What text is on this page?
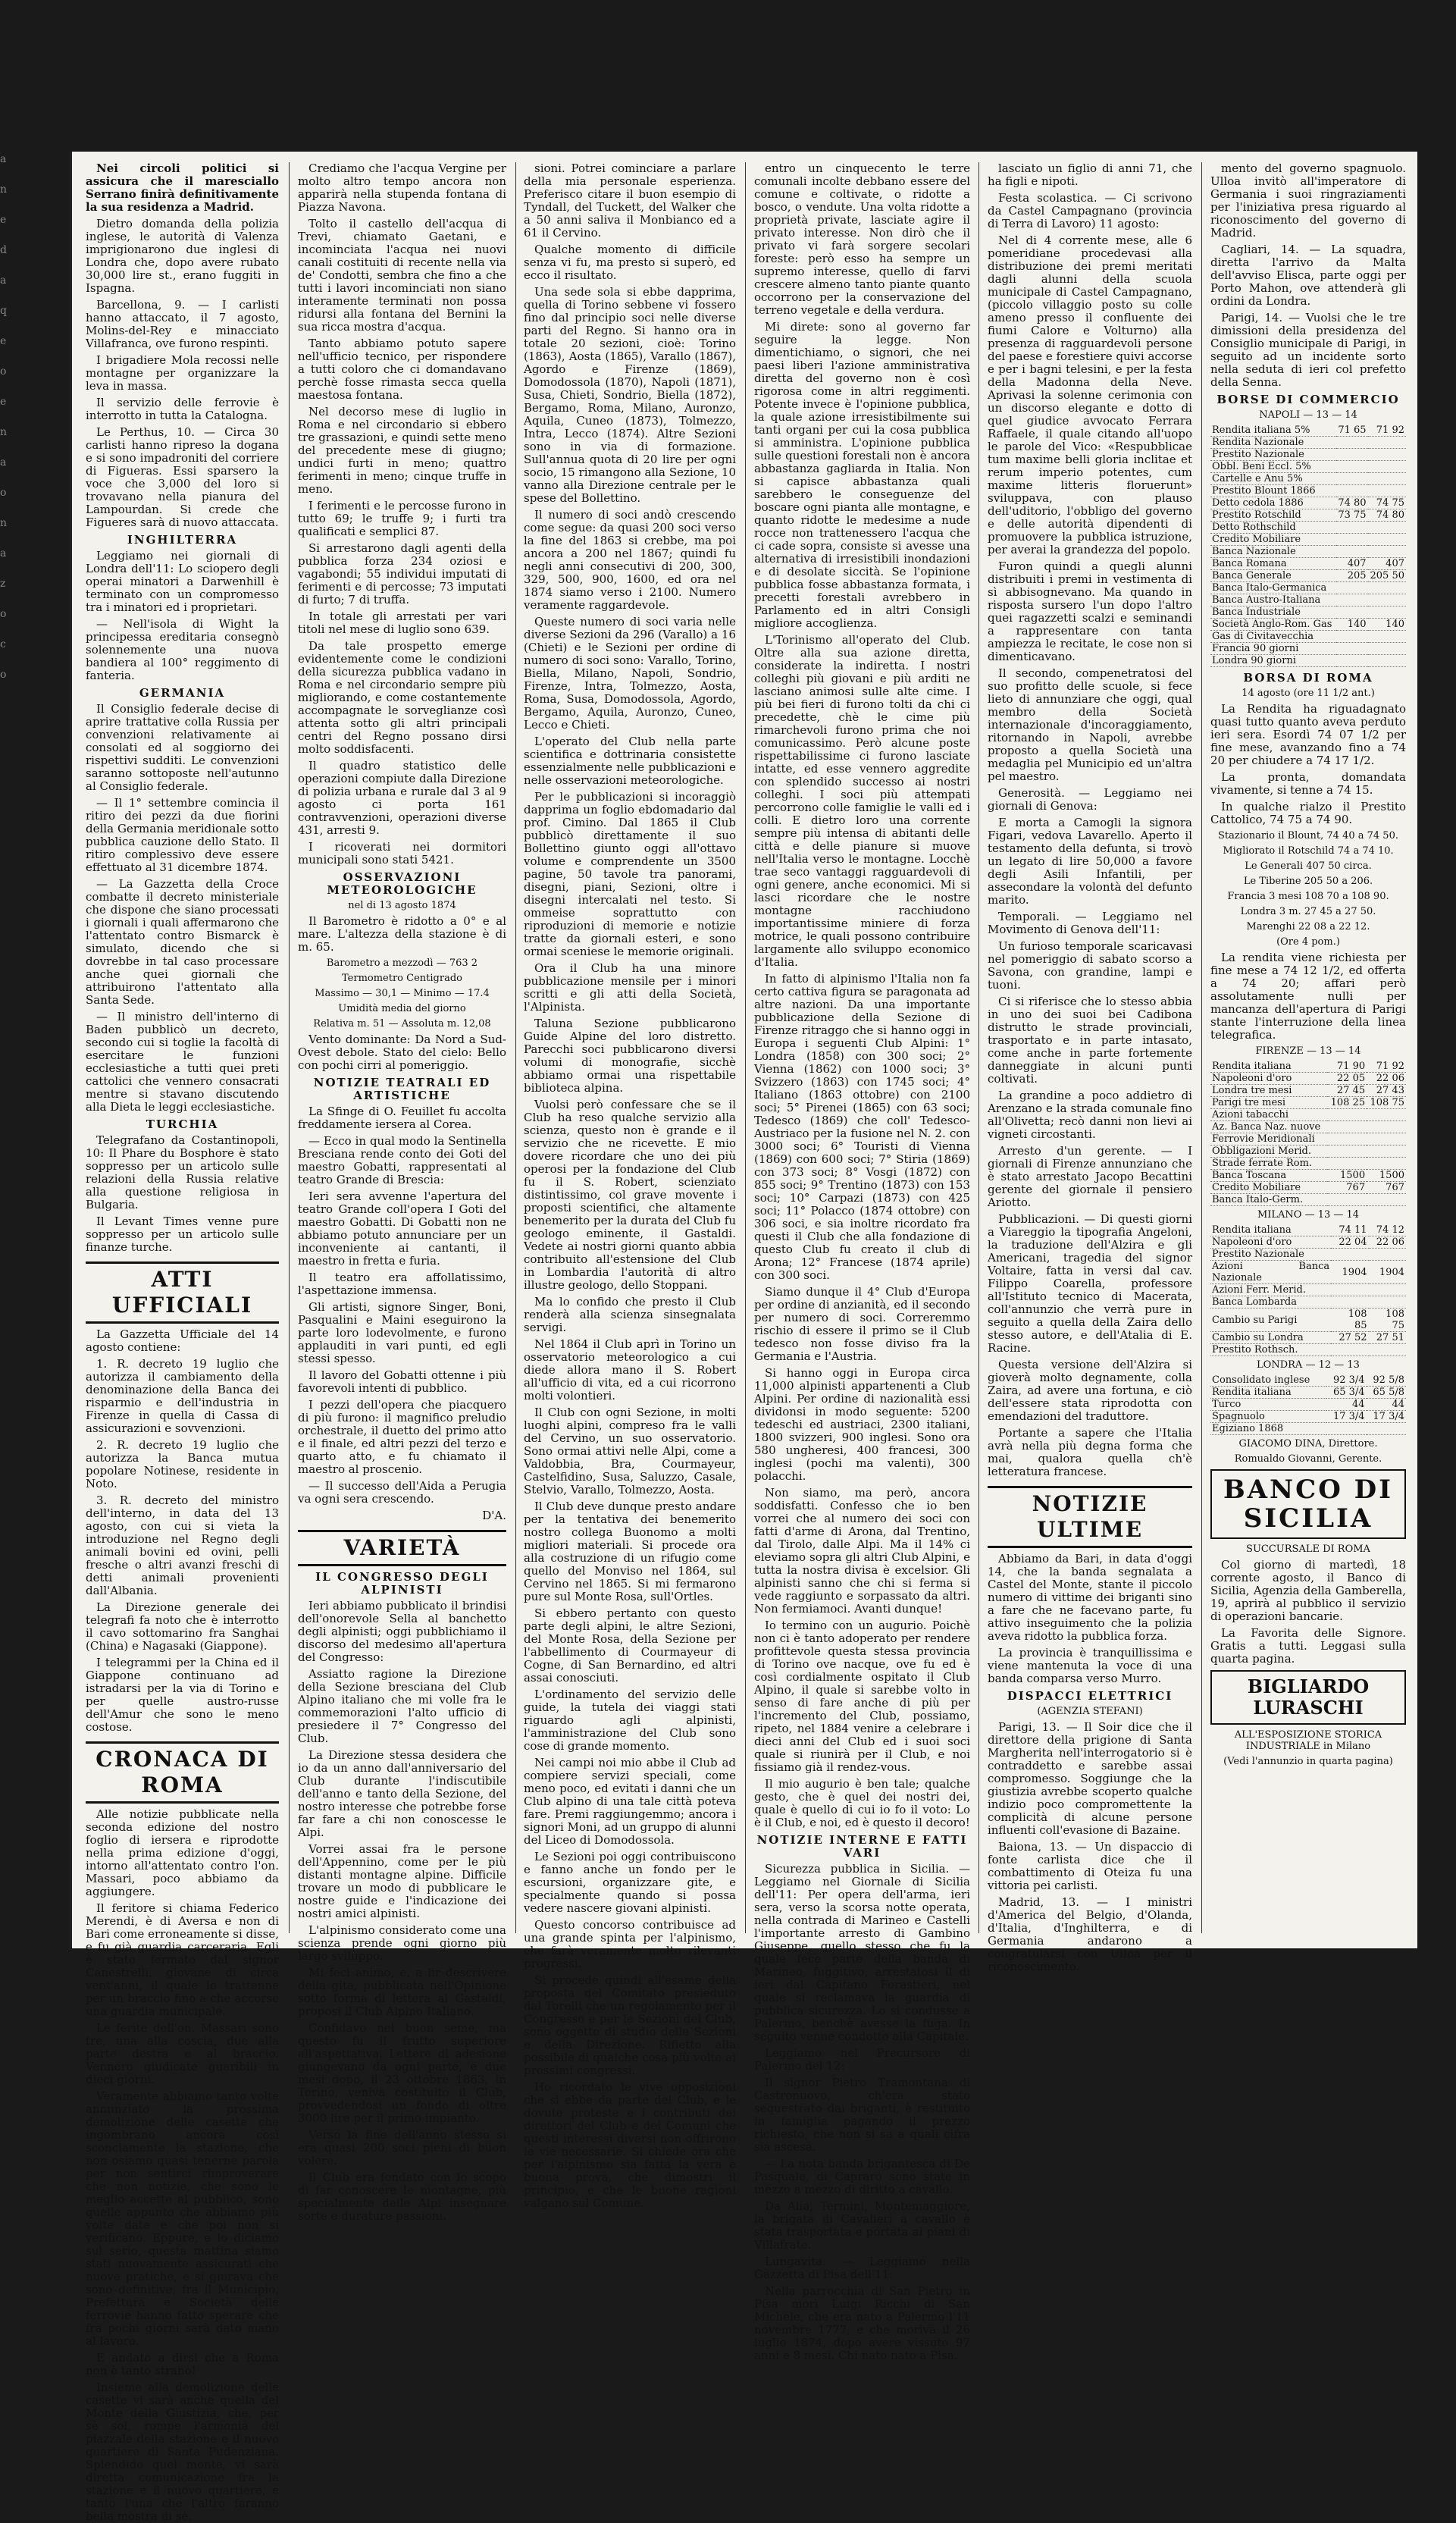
Nei circoli politici si assicura che il maresciallo Serrano finirà definitivamente la sua residenza a Madrid.

Dietro domanda della polizia inglese, le autorità di Valenza imprigionarono due inglesi di Londra che, dopo avere rubato 30,000 lire st., erano fuggiti in Ispagna.

Barcellona, 9. — I carlisti hanno attaccato, il 7 agosto, Molins-del-Rey e minacciato Villafranca, ove furono respinti.

I brigadiere Mola recossi nelle montagne per organizzare la leva in massa.

Il servizio delle ferrovie è interrotto in tutta la Catalogna.

Le Perthus, 10. — Circa 30 carlisti hanno ripreso la dogana e si sono impadroniti del corriere di Figueras. Essi sparsero la voce che 3,000 del loro si trovavano nella pianura del Lampourdan. Si crede che Figueres sarà di nuovo attaccata.

INGHILTERRA

Leggiamo nei giornali di Londra dell'11: Lo sciopero degli operai minatori a Darwenhill è terminato con un compromesso tra i minatori ed i proprietari.

— Nell'isola di Wight la principessa ereditaria consegnò solennemente una nuova bandiera al 100° reggimento di fanteria.

GERMANIA

Il Consiglio federale decise di aprire trattative colla Russia per convenzioni relativamente ai consolati ed al soggiorno dei rispettivi sudditi. Le convenzioni saranno sottoposte nell'autunno al Consiglio federale.

— Il 1° settembre comincia il ritiro dei pezzi da due fiorini della Germania meridionale sotto pubblica cauzione dello Stato. Il ritiro complessivo deve essere effettuato al 31 dicembre 1874.

— La Gazzetta della Croce combatte il decreto ministeriale che dispone che siano processati i giornali i quali affermarono che l'attentato contro Bismarck è simulato, dicendo che si dovrebbe in tal caso processare anche quei giornali che attribuirono l'attentato alla Santa Sede.

— Il ministro dell'interno di Baden pubblicò un decreto, secondo cui si toglie la facoltà di esercitare le funzioni ecclesiastiche a tutti quei preti cattolici che vennero consacrati mentre si stavano discutendo alla Dieta le leggi ecclesiastiche.

TURCHIA

Telegrafano da Costantinopoli, 10: Il Phare du Bosphore è stato soppresso per un articolo sulle relazioni della Russia relative alla questione religiosa in Bulgaria.

Il Levant Times venne pure soppresso per un articolo sulle finanze turche.

ATTI UFFICIALI

La Gazzetta Ufficiale del 14 agosto contiene:

1. R. decreto 19 luglio che autorizza il cambiamento della denominazione della Banca dei risparmio e dell'industria in Firenze in quella di Cassa di assicurazioni e sovvenzioni.

2. R. decreto 19 luglio che autorizza la Banca mutua popolare Notinese, residente in Noto.

3. R. decreto del ministro dell'interno, in data del 13 agosto, con cui si vieta la introduzione nel Regno degli animali bovini ed ovini, pelli fresche o altri avanzi freschi di detti animali provenienti dall'Albania.

La Direzione generale dei telegrafi fa noto che è interrotto il cavo sottomarino fra Sanghai (China) e Nagasaki (Giappone).

I telegrammi per la China ed il Giappone continuano ad istradarsi per la via di Torino e per quelle austro-russe dell'Amur che sono le meno costose.

CRONACA DI ROMA

Alle notizie pubblicate nella seconda edizione del nostro foglio di iersera e riprodotte nella prima edizione d'oggi, intorno all'attentato contro l'on. Massari, poco abbiamo da aggiungere.

Il feritore si chiama Federico Merendi, è di Aversa e non di Bari come erroneamente si disse, e fu già guardia carceraria. Egli è stato fermato dal signor Canestrelli, giovane di circa vent'anni, il quale lo trattenne per un braccio fino a che accorse una guardia municipale.

Le ferite dell'on. Massari sono tre, una alla coscia, due alla parte destra e al braccio. Vennero giudicate guaribili in dieci giorni.

Veramente abbiamo tanto volte annunziato la prossima demolizione delle casette che ingombrano ancora così sconciamente la stazione, che non osiamo quasi tenerne parola per non sentirci rimproverare che non notizie, che sono le meglio accette al pubblico, sono quelle appunto che abbiamo più volte date e che poi non si verificano. Eppure, e lo diciamo sul serio, questa mattina siamo stati nuovamente assicurati che nuove pratiche, e si giurava che sono definitive, fra il Municipio, Prefettura e Società delle ferrovie hanno fatto sperare che fra pochi giorni sarà dato mano al lavoro.

E andato a dirsi che a Roma non è tanto strano!

Insieme alla demolizione delle casette vi sarà anche quella del Monte della Giustizia, che, per sè sol, rompe l'armonia del piazzale della stazione e il nuovo quartiere di Santa Pudenziana. Splendido quel monte, vi sarà diretta comunicazione fra la stazione e il nuovo quartiere, e tanto l'una che l'altro faranno bella mostra di sè.

Crediamo che l'acqua Vergine per molto altro tempo ancora non apparirà nella stupenda fontana di Piazza Navona.

Tolto il castello dell'acqua di Trevi, chiamato Gaetani, e incominciata l'acqua nei nuovi canali costituiti di recente nella via de' Condotti, sembra che fino a che tutti i lavori incominciati non siano interamente terminati non possa ridursi alla fontana del Bernini la sua ricca mostra d'acqua.

Tanto abbiamo potuto sapere nell'ufficio tecnico, per rispondere a tutti coloro che ci domandavano perchè fosse rimasta secca quella maestosa fontana.

Nel decorso mese di luglio in Roma e nel circondario si ebbero tre grassazioni, e quindi sette meno del precedente mese di giugno; undici furti in meno; quattro ferimenti in meno; cinque truffe in meno.

I ferimenti e le percosse furono in tutto 69; le truffe 9; i furti tra qualificati e semplici 87.

Si arrestarono dagli agenti della pubblica forza 234 oziosi e vagabondi; 55 individui imputati di ferimenti e di percosse; 73 imputati di furto; 7 di truffa.

In totale gli arrestati per vari titoli nel mese di luglio sono 639.

Da tale prospetto emerge evidentemente come le condizioni della sicurezza pubblica vadano in Roma e nel circondario sempre più migliorando, e come costantemente accompagnate le sorveglianze così attenta sotto gli altri principali centri del Regno possano dirsi molto soddisfacenti.

Il quadro statistico delle operazioni compiute dalla Direzione di polizia urbana e rurale dal 3 al 9 agosto ci porta 161 contravvenzioni, operazioni diverse 431, arresti 9.

I ricoverati nei dormitori municipali sono stati 5421.

OSSERVAZIONI METEOROLOGICHE

nel di 13 agosto 1874

Il Barometro è ridotto a 0° e al mare. L'altezza della stazione è di m. 65.

Barometro a mezzodì — 763 2

Termometro Centigrado

Massimo — 30,1 — Minimo — 17.4

Umidità media del giorno

Relativa m. 51 — Assoluta m. 12,08

Vento dominante: Da Nord a Sud-Ovest debole. Stato del cielo: Bello con pochi cirri al pomeriggio.

NOTIZIE TEATRALI ED ARTISTICHE

La Sfinge di O. Feuillet fu accolta freddamente iersera al Corea.

— Ecco in qual modo la Sentinella Bresciana rende conto dei Goti del maestro Gobatti, rappresentati al teatro Grande di Brescia:

Ieri sera avvenne l'apertura del teatro Grande coll'opera I Goti del maestro Gobatti. Di Gobatti non ne abbiamo potuto annunciare per un inconveniente ai cantanti, il maestro in fretta e furia.

Il teatro era affollatissimo, l'aspettazione immensa.

Gli artisti, signore Singer, Boni, Pasqualini e Maini eseguirono la parte loro lodevolmente, e furono applauditi in vari punti, ed egli stessi spesso.

Il lavoro del Gobatti ottenne i più favorevoli intenti di pubblico.

I pezzi dell'opera che piacquero di più furono: il magnifico preludio orchestrale, il duetto del primo atto e il finale, ed altri pezzi del terzo e quarto atto, e fu chiamato il maestro al proscenio.

— Il successo dell'Aida a Perugia va ogni sera crescendo.

D'A.
VARIETÀ
IL CONGRESSO DEGLI ALPINISTI

Ieri abbiamo pubblicato il brindisi dell'onorevole Sella al banchetto degli alpinisti; oggi pubblichiamo il discorso del medesimo all'apertura del Congresso:

Assiatto ragione la Direzione della Sezione bresciana del Club Alpino italiano che mi volle fra le commemorazioni l'alto ufficio di presiedere il 7° Congresso del Club.

La Direzione stessa desidera che io da un anno dall'anniversario del Club durante l'indiscutibile dell'anno e tanto della Sezione, del nostro interesse che potrebbe forse far fare a chi non conoscesse le Alpi.

Vorrei assai fra le persone dell'Appennino, come per le più distanti montagne alpine. Difficile trovare un modo di pubblicare le nostre guide e l'indicazione dei nostri amici alpinisti.

L'alpinismo considerato come una scienza prende ogni giorno più largo sviluppo.

Mi feci animo, e, a lir descrivere della gita, pubblicata nell'Opinione sotto forma di lettera al Gastaldi, proposi il Club Alpino Italiano.

Confidavo nel buon seme, ma questo fu il frutto superiore all'aspettativa. Lettere di adesione giungevano da ogni parte, e due mesi dopo, il 23 ottobre 1863, in Torino, veniva costituito il Club, provvedendosi un fondo di oltre 3000 lire per il primo impianto.

Verso la fine dell'anno stesso si era quasi 200 soci pieni di buon volere.

Il Club era fondato con lo scopo di far conoscere le montagne, più specialmente delle Alpi insegnare sorte e durature passioni.

sioni. Potrei cominciare a parlare della mia personale esperienza. Preferisco citare il buon esempio di Tyndall, del Tuckett, del Walker che a 50 anni saliva il Monbianco ed a 61 il Cervino.

Qualche momento di difficile senza vi fu, ma presto si superò, ed ecco il risultato.

Una sede sola si ebbe dapprima, quella di Torino sebbene vi fossero fino dal principio soci nelle diverse parti del Regno. Si hanno ora in totale 20 sezioni, cioè: Torino (1863), Aosta (1865), Varallo (1867), Agordo e Firenze (1869), Domodossola (1870), Napoli (1871), Susa, Chieti, Sondrio, Biella (1872), Bergamo, Roma, Milano, Auronzo, Aquila, Cuneo (1873), Tolmezzo, Intra, Lecco (1874). Altre Sezioni sono in via di formazione. Sull'annua quota di 20 lire per ogni socio, 15 rimangono alla Sezione, 10 vanno alla Direzione centrale per le spese del Bollettino.

Il numero di soci andò crescendo come segue: da quasi 200 soci verso la fine del 1863 si crebbe, ma poi ancora a 200 nel 1867; quindi fu negli anni consecutivi di 200, 300, 329, 500, 900, 1600, ed ora nel 1874 siamo verso i 2100. Numero veramente raggardevole.

Queste numero di soci varia nelle diverse Sezioni da 296 (Varallo) a 16 (Chieti) e le Sezioni per ordine di numero di soci sono: Varallo, Torino, Biella, Milano, Napoli, Sondrio, Firenze, Intra, Tolmezzo, Aosta, Roma, Susa, Domodossola, Agordo, Bergamo, Aquila, Auronzo, Cuneo, Lecco e Chieti.

L'operato del Club nella parte scientifica e dottrinaria consistette essenzialmente nelle pubblicazioni e nelle osservazioni meteorologiche.

Per le pubblicazioni si incoraggiò dapprima un foglio ebdomadario dal prof. Cimino. Dal 1865 il Club pubblicò direttamente il suo Bollettino giunto oggi all'ottavo volume e comprendente un 3500 pagine, 50 tavole tra panorami, disegni, piani, Sezioni, oltre i disegni intercalati nel testo. Si ommeise soprattutto con riproduzioni di memorie e notizie tratte da giornali esteri, e sono ormai sceniese le memorie originali.

Ora il Club ha una minore pubblicazione mensile per i minori scritti e gli atti della Società, l'Alpinista.

Taluna Sezione pubblicarono Guide Alpine del loro distretto. Parecchi soci pubblicarono diversi volumi di monografie, sicchè abbiamo ormai una rispettabile biblioteca alpina.

Vuolsi però confessare che se il Club ha reso qualche servizio alla scienza, questo non è grande e il servizio che ne ricevette. E mio dovere ricordare che uno dei più operosi per la fondazione del Club fu il S. Robert, scienziato distintissimo, col grave movente i proposti scientifici, che altamente benemerito per la durata del Club fu geologo eminente, il Gastaldi. Vedete ai nostri giorni quanto abbia contribuito all'estensione del Club in Lombardia l'autorità di altro illustre geologo, dello Stoppani.

Ma lo confido che presto il Club renderà alla scienza sinsegnalata servigi.

Nel 1864 il Club aprì in Torino un osservatorio meteorologico a cui diede allora mano il S. Robert all'ufficio di vita, ed a cui ricorrono molti volontieri.

Il Club con ogni Sezione, in molti luoghi alpini, compreso fra le valli del Cervino, un suo osservatorio. Sono ormai attivi nelle Alpi, come a Valdobbia, Bra, Courmayeur, Castelfidino, Susa, Saluzzo, Casale, Stelvio, Varallo, Tolmezzo, Aosta.

Il Club deve dunque presto andare per la tentativa dei benemerito nostro collega Buonomo a molti migliori materiali. Si procede ora alla costruzione di un rifugio come quello del Monviso nel 1864, sul Cervino nel 1865. Si mi fermarono pure sul Monte Rosa, sull'Ortles.

Si ebbero pertanto con questo parte degli alpini, le altre Sezioni, del Monte Rosa, della Sezione per l'abbellimento di Courmayeur di Cogne, di San Bernardino, ed altri assai conosciuti.

L'ordinamento del servizio delle guide, la tutela dei viaggi stati riguardo agli alpinisti, l'amministrazione del Club sono cose di grande momento.

Nei campi noi mio abbe il Club ad compiere servizi speciali, come meno poco, ed evitati i danni che un Club alpino di una tale città poteva fare. Premi raggiungemmo; ancora i signori Moni, ad un gruppo di alunni del Liceo di Domodossola.

Le Sezioni poi oggi contribuiscono e fanno anche un fondo per le escursioni, organizzare gite, e specialmente quando si possa vedere nascere giovani alpinisti.

Questo concorso contribuisce ad una grande spinta per l'alpinismo, che farà veramente molto rilevanti progressi.

Si procede quindi all'esame della proposta del Comitato presieduto dal Torelli che un regolamento per il Congresso e per le Sezioni del Club, sono oggetto di studio delle Sezioni e della Direzione. Rifletto alla possibile di qualche cosa più volte ai prossimi congressi.

Ho ricordato le vive opposizioni che si ebbe da parte del Club, e le dovute proteste e i contributi dei direttori del Club e dei Comuni che questi interessi diversi non offrirono le vie necessarie. Si chiede ora che per l'alpinismo sia fatta la vera e buona prova, che dimostri il principio, e che le buone ragioni valgano sul Comune.

entro un cinquecento le terre comunali incolte debbano essere del comune e coltivate, o ridotte a bosco, o vendute. Una volta ridotte a proprietà private, lasciate agire il privato interesse. Non dirò che il privato vi farà sorgere secolari foreste: però esso ha sempre un supremo interesse, quello di farvi crescere almeno tanto piante quanto occorrono per la conservazione del terreno vegetale e della verdura.

Mi direte: sono al governo far seguire la legge. Non dimentichiamo, o signori, che nei paesi liberi l'azione amministrativa diretta del governo non è così rigorosa come in altri reggimenti. Potente invece è l'opinione pubblica, la quale azione irresistibilmente sui tanti organi per cui la cosa pubblica si amministra. L'opinione pubblica sulle questioni forestali non è ancora abbastanza gagliarda in Italia. Non si capisce abbastanza quali sarebbero le conseguenze del boscare ogni pianta alle montagne, e quanto ridotte le medesime a nude rocce non trattenessero l'acqua che ci cade sopra, consiste si avesse una alternativa di irresistibili inondazioni e di desolate siccità. Se l'opinione pubblica fosse abbastanza formata, i precetti forestali avrebbero in Parlamento ed in altri Consigli migliore accoglienza.

L'Torinismo all'operato del Club. Oltre alla sua azione diretta, considerate la indiretta. I nostri colleghi più giovani e più arditi ne lasciano animosi sulle alte cime. I più bei fieri di furono tolti da chi ci precedette, chè le cime più rimarchevoli furono prima che noi comunicassimo. Però alcune poste rispettabilissime ci furono lasciate intatte, ed esse vennero aggredite con splendido successo ai nostri colleghi. I soci più attempati percorrono colle famiglie le valli ed i colli. E dietro loro una corrente sempre più intensa di abitanti delle città e delle pianure si muove nell'Italia verso le montagne. Locchè trae seco vantaggi ragguardevoli di ogni genere, anche economici. Mi si lasci ricordare che le nostre montagne racchiudono importantissime miniere di forza motrice, le quali possono contribuire largamente allo sviluppo economico d'Italia.

In fatto di alpinismo l'Italia non fa certo cattiva figura se paragonata ad altre nazioni. Da una importante pubblicazione della Sezione di Firenze ritraggo che si hanno oggi in Europa i seguenti Club Alpini: 1° Londra (1858) con 300 soci; 2° Vienna (1862) con 1000 soci; 3° Svizzero (1863) con 1745 soci; 4° Italiano (1863 ottobre) con 2100 soci; 5° Pirenei (1865) con 63 soci; Tedesco (1869) che coll' Tedesco-Austriaco per la fusione nel N. 2. con 3000 soci; 6° Touristi di Vienna (1869) con 600 soci; 7° Stiria (1869) con 373 soci; 8° Vosgi (1872) con 855 soci; 9° Trentino (1873) con 153 soci; 10° Carpazi (1873) con 425 soci; 11° Polacco (1874 ottobre) con 306 soci, e sia inoltre ricordato fra questi il Club che alla fondazione di questo Club fu creato il club di Arona; 12° Francese (1874 aprile) con 300 soci.

Siamo dunque il 4° Club d'Europa per ordine di anzianità, ed il secondo per numero di soci. Correremmo rischio di essere il primo se il Club tedesco non fosse diviso fra la Germania e l'Austria.

Si hanno oggi in Europa circa 11,000 alpinisti appartenenti a Club Alpini. Per ordine di nazionalità essi dividonsi in modo seguente: 5200 tedeschi ed austriaci, 2300 italiani, 1800 svizzeri, 900 inglesi. Sono ora 580 ungheresi, 400 francesi, 300 inglesi (pochi ma valenti), 300 polacchi.

Non siamo, ma però, ancora soddisfatti. Confesso che io ben vorrei che al numero dei soci con fatti d'arme di Arona, dal Trentino, dal Tirolo, dalle Alpi. Ma il 14% ci eleviamo sopra gli altri Club Alpini, e tutta la nostra divisa è excelsior. Gli alpinisti sanno che chi si ferma si vede raggiunto e sorpassato da altri. Non fermiamoci. Avanti dunque!

Io termino con un augurio. Poichè non ci è tanto adoperato per rendere profittevole questa stessa provincia di Torino ove nacque, ove fu ed è così cordialmente ospitato il Club Alpino, il quale si sarebbe volto in senso di fare anche di più per l'incremento del Club, possiamo, ripeto, nel 1884 venire a celebrare i dieci anni del Club ed i suoi soci quale si riunirà per il Club, e noi fissiamo già il rendez-vous.

Il mio augurio è ben tale; qualche gesto, che è quel dei nostri dei, quale è quello di cui io fo il voto: Lo è il Club, e noi, ed è questo il decoro!

NOTIZIE INTERNE E FATTI VARI

Sicurezza pubblica in Sicilia. — Leggiamo nel Giornale di Sicilia dell'11: Per opera dell'arma, ieri sera, verso la scorsa notte operata, nella contrada di Marineo e Castelli l'importante arresto di Gambino Giuseppe, quello stesso che fu la quale fece parte della banda di Marineo, fuggitivo, arrestatosi il di ieri dal Capitano Forastieri, nel quale si reclamava la guardia di pubblica sicurezza. Lo si condusse a Palermo, benchè avesse la fuga. In seguito venne condotto alla Capitale.

Leggiamo nel Precursore di Palermo del 12:

Il signor Pietro Tramontana di Castronuovo, ch'era stato sequestrato dai briganti, è restituito in famiglia pagando il prezzo richiesto, che non si sa a quali cifra sia ascesa.

— La nota banda brigantesca di De Pasquale, di Capraro sono state in mezzo a mezzo di diritto a cavallo.

Da Alia, Termini, Montemaggiore, la brigata di Cavalieri a cavallo è stata trasportata e portata ai piani di Villafrate.

Lungavita. — Leggiamo nella Gazzetta di Pisa dell'11:

Nella parrocchia di San Pietro in Pisa morì Luigi Ricchi di San Michele, che era nato a Palermo l'11 novembre 1777, e che moriva il 26 luglio 1874, dopo avere vissuto 97 anni e 8 mesi. Chi nato nato a Pisa.

lasciato un figlio di anni 71, che ha figli e nipoti.

Festa scolastica. — Ci scrivono da Castel Campagnano (provincia di Terra di Lavoro) 11 agosto:

Nel di 4 corrente mese, alle 6 pomeridiane procedevasi alla distribuzione dei premi meritati dagli alunni della scuola municipale di Castel Campagnano, (piccolo villaggio posto su colle ameno presso il confluente dei fiumi Calore e Volturno) alla presenza di ragguardevoli persone del paese e forestiere quivi accorse e per i bagni telesini, e per la festa della Madonna della Neve. Aprivasi la solenne cerimonia con un discorso elegante e dotto di quel giudice avvocato Ferrara Raffaele, il quale citando all'uopo le parole del Vico: «Respubblicae tum maxime belli gloria inclitae et rerum imperio potentes, cum maxime litteris floruerunt» sviluppava, con plauso dell'uditorio, l'obbligo del governo e delle autorità dipendenti di promuovere la pubblica istruzione, per averai la grandezza del popolo.

Furon quindi a quegli alunni distribuiti i premi in vestimenta di sì abbisognevano. Ma quando in risposta sursero l'un dopo l'altro quei ragazzetti scalzi e seminandi a rappresentare con tanta ampiezza le recitate, le cose non si dimenticavano.

Il secondo, compenetratosi del suo profitto delle scuole, si fece lieto di annunziare che oggi, qual membro della Società internazionale d'incoraggiamento, ritornando in Napoli, avrebbe proposto a quella Società una medaglia pel Municipio ed un'altra pel maestro.

Generosità. — Leggiamo nei giornali di Genova:

E morta a Camogli la signora Figari, vedova Lavarello. Aperto il testamento della defunta, si trovò un legato di lire 50,000 a favore degli Asili Infantili, per assecondare la volontà del defunto marito.

Temporali. — Leggiamo nel Movimento di Genova dell'11:

Un furioso temporale scaricavasi nel pomeriggio di sabato scorso a Savona, con grandine, lampi e tuoni.

Ci si riferisce che lo stesso abbia in uno dei suoi bei Cadibona distrutto le strade provinciali, trasportato e in parte intasato, come anche in parte fortemente danneggiate in alcuni punti coltivati.

La grandine a poco addietro di Arenzano e la strada comunale fino all'Olivetta; recò danni non lievi ai vigneti circostanti.

Arresto d'un gerente. — I giornali di Firenze annunziano che è stato arrestato Jacopo Becattini gerente del giornale il pensiero Ariotto.

Pubblicazioni. — Di questi giorni a Viareggio la tipografia Angeloni, la traduzione dell'Alzira e gli Americani, tragedia del signor Voltaire, fatta in versi dal cav. Filippo Coarella, professore all'Istituto tecnico di Macerata, coll'annunzio che verrà pure in seguito a quella della Zaira dello stesso autore, e dell'Atalia di E. Racine.

Questa versione dell'Alzira si gioverà molto degnamente, colla Zaira, ad avere una fortuna, e ciò dell'essere stata riprodotta con emendazioni del traduttore.

Portante a sapere che l'Italia avrà nella più degna forma che mai, qualora quella ch'è letteratura francese.

NOTIZIE ULTIME

Abbiamo da Bari, in data d'oggi 14, che la banda segnalata a Castel del Monte, stante il piccolo numero di vittime dei briganti sino a fare che ne facevano parte, fu attivo inseguimento che la polizia aveva ridotto la pubblica forza.

La provincia è tranquillissima e viene mantenuta la voce di una banda comparsa verso Murro.

DISPACCI ELETTRICI

(AGENZIA STEFANI)

Parigi, 13. — Il Soir dice che il direttore della prigione di Santa Margherita nell'interrogatorio si è contraddetto e sarebbe assai compromesso. Soggiunge che la giustizia avrebbe scoperto qualche indizio poco compromettente la complicità di alcune persone influenti coll'evasione di Bazaine.

Baiona, 13. — Un dispaccio di fonte carlista dice che il combattimento di Oteiza fu una vittoria pei carlisti.

Madrid, 13. — I ministri d'America del Belgio, d'Olanda, d'Italia, d'Inghilterra, e di Germania andarono a congratularsi con Ulloa per il riconoscimento.

mento del governo spagnuolo. Ulloa invitò all'imperatore di Germania i suoi ringraziamenti per l'iniziativa presa riguardo al riconoscimento del governo di Madrid.

Cagliari, 14. — La squadra, diretta l'arrivo da Malta dell'avviso Elisca, parte oggi per Porto Mahon, ove attenderà gli ordini da Londra.

Parigi, 14. — Vuolsi che le tre dimissioni della presidenza del Consiglio municipale di Parigi, in seguito ad un incidente sorto nella seduta di ieri col prefetto della Senna.

BORSE DI COMMERCIO

NAPOLI — 13 — 14

Rendita italiana 5%	71 65	71 92
Rendita Nazionale		
Prestito Nazionale		
Obbl. Beni Eccl. 5%		
Cartelle e Anu 5%		
Prestito Blount 1866		
Detto cedola 1886	74 80	74 75
Prestito Rotschild	73 75	74 80
Detto Rothschild		
Credito Mobiliare		
Banca Nazionale		
Banca Romana	407	407
Banca Generale	205	205 50
Banca Italo-Germanica		
Banca Austro-Italiana		
Banca Industriale		
Società Anglo-Rom. Gas	140	140
Gas di Civitavecchia		
Francia 90 giorni		
Londra 90 giorni		
BORSA DI ROMA

14 agosto (ore 11 1/2 ant.)

La Rendita ha riguadagnato quasi tutto quanto aveva perduto ieri sera. Esordì 74 07 1/2 per fine mese, avanzando fino a 74 20 per chiudere a 74 17 1/2.

La pronta, domandata vivamente, si tenne a 74 15.

In qualche rialzo il Prestito Cattolico, 74 75 a 74 90.

Stazionario il Blount, 74 40 a 74 50.

Migliorato il Rotschild 74 a 74 10.

Le Generali 407 50 circa.

Le Tiberine 205 50 a 206.

Francia 3 mesi 108 70 a 108 90.

Londra 3 m. 27 45 a 27 50.

Marenghi 22 08 a 22 12.

(Ore 4 pom.)

La rendita viene richiesta per fine mese a 74 12 1/2, ed offerta a 74 20; affari però assolutamente nulli per mancanza dell'apertura di Parigi stante l'interruzione della linea telegrafica.

FIRENZE — 13 — 14

Rendita italiana	71 90	71 92
Napoleoni d'oro	22 05	22 06
Londra tre mesi	27 45	27 43
Parigi tre mesi	108 25	108 75
Azioni tabacchi		
Az. Banca Naz. nuove		
Ferrovie Meridionali		
Obbligazioni Merid.		
Strade ferrate Rom.		
Banca Toscana	1500	1500
Credito Mobiliare	767	767
Banca Italo-Germ.		

MILANO — 13 — 14

Rendita italiana	74 11	74 12
Napoleoni d'oro	22 04	22 06
Prestito Nazionale		
Azioni Banca Nazionale	1904	1904
Azioni Ferr. Merid.		
Banca Lombarda		
Cambio su Parigi	108 85	108 75
Cambio su Londra	27 52	27 51
Prestito Rothsch.		

LONDRA — 12 — 13

Consolidato inglese	92 3/4	92 5/8
Rendita italiana	65 3/4	65 5/8
Turco	44	44
Spagnuolo	17 3/4	17 3/4
Egiziano 1868		

GIACOMO DINA, Direttore.

Romualdo Giovanni, Gerente.

BANCO DI SICILIA

SUCCURSALE DI ROMA

Col giorno di martedì, 18 corrente agosto, il Banco di Sicilia, Agenzia della Gamberella, 19, aprirà al pubblico il servizio di operazioni bancarie.

La Favorita delle Signore. Gratis a tutti. Leggasi sulla quarta pagina.

BIGLIARDO LURASCHI

ALL'ESPOSIZIONE STORICA INDUSTRIALE in Milano

(Vedi l'annunzio in quarta pagina)

a
n
e
d
a
q
e
o
e
n
a
o
n
a
z
o
c
o
